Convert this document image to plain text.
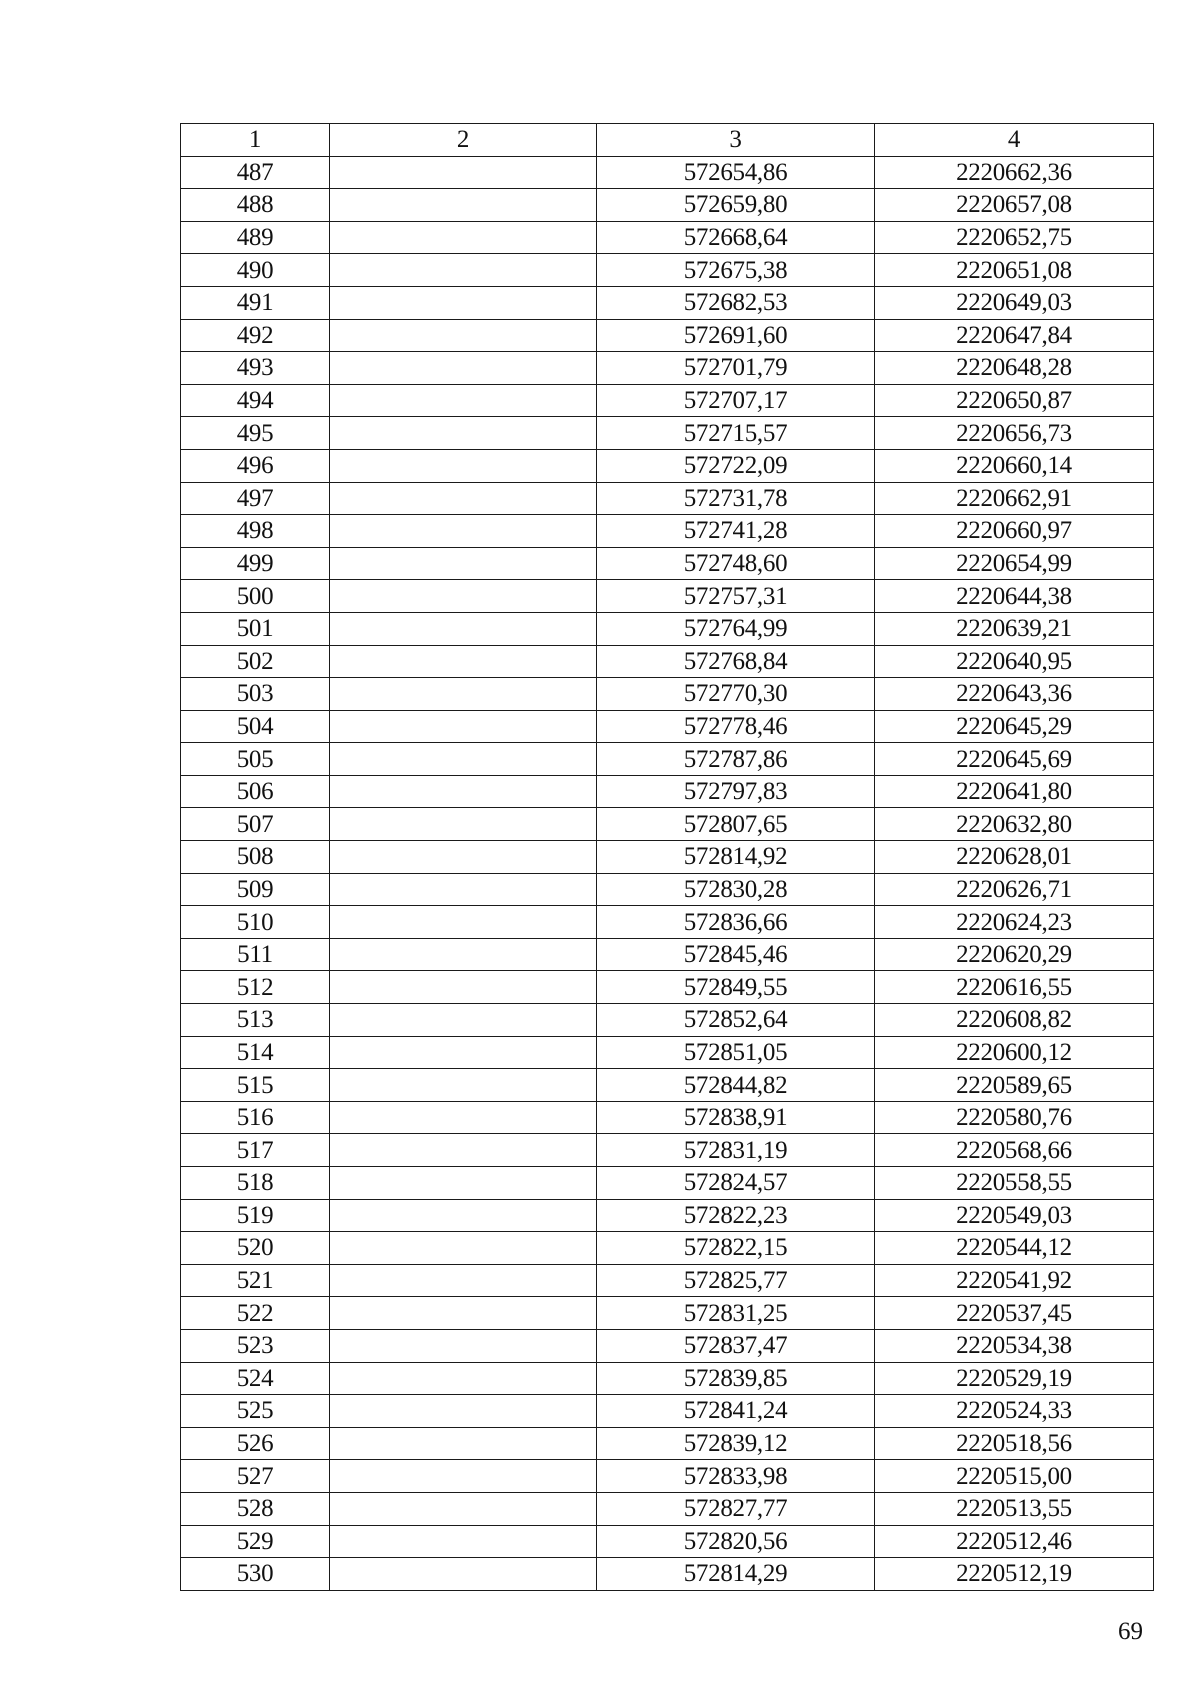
1	2	3	4
487		572654,86	2220662,36
488		572659,80	2220657,08
489		572668,64	2220652,75
490		572675,38	2220651,08
491		572682,53	2220649,03
492		572691,60	2220647,84
493		572701,79	2220648,28
494		572707,17	2220650,87
495		572715,57	2220656,73
496		572722,09	2220660,14
497		572731,78	2220662,91
498		572741,28	2220660,97
499		572748,60	2220654,99
500		572757,31	2220644,38
501		572764,99	2220639,21
502		572768,84	2220640,95
503		572770,30	2220643,36
504		572778,46	2220645,29
505		572787,86	2220645,69
506		572797,83	2220641,80
507		572807,65	2220632,80
508		572814,92	2220628,01
509		572830,28	2220626,71
510		572836,66	2220624,23
511		572845,46	2220620,29
512		572849,55	2220616,55
513		572852,64	2220608,82
514		572851,05	2220600,12
515		572844,82	2220589,65
516		572838,91	2220580,76
517		572831,19	2220568,66
518		572824,57	2220558,55
519		572822,23	2220549,03
520		572822,15	2220544,12
521		572825,77	2220541,92
522		572831,25	2220537,45
523		572837,47	2220534,38
524		572839,85	2220529,19
525		572841,24	2220524,33
526		572839,12	2220518,56
527		572833,98	2220515,00
528		572827,77	2220513,55
529		572820,56	2220512,46
530		572814,29	2220512,19
69
